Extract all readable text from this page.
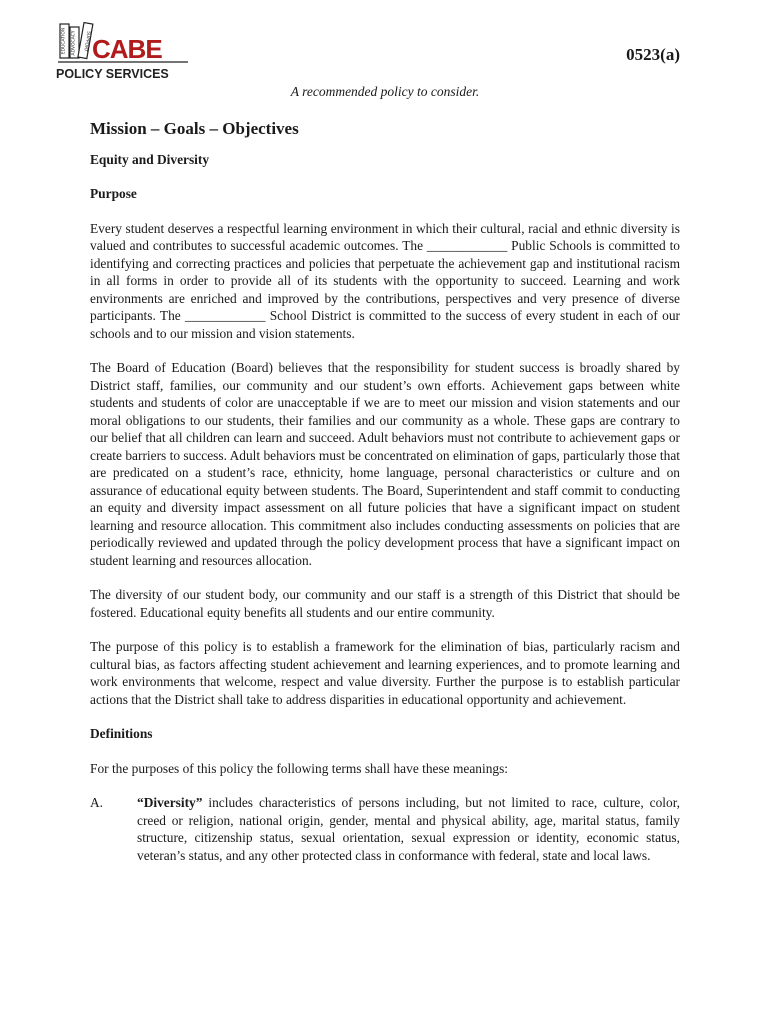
EDUCATION ADVOCACY SUPPORT CABE
POLICY SERVICES
0523(a)
A recommended policy to consider.
Mission – Goals – Objectives
Equity and Diversity
Purpose

Every student deserves a respectful learning environment in which their cultural, racial and ethnic diversity is valued and contributes to successful academic outcomes. The ____________ Public Schools is committed to identifying and correcting practices and policies that perpetuate the achievement gap and institutional racism in all forms in order to provide all of its students with the opportunity to succeed. Learning and work environments are enriched and improved by the contributions, perspectives and very presence of diverse participants. The ____________ School District is committed to the success of every student in each of our schools and to our mission and vision statements.

The Board of Education (Board) believes that the responsibility for student success is broadly shared by District staff, families, our community and our student’s own efforts. Achievement gaps between white students and students of color are unacceptable if we are to meet our mission and vision statements and our moral obligations to our students, their families and our community as a whole. These gaps are contrary to our belief that all children can learn and succeed. Adult behaviors must not contribute to achievement gaps or create barriers to success. Adult behaviors must be concentrated on elimination of gaps, particularly those that are predicated on a student’s race, ethnicity, home language, personal characteristics or culture and on assurance of educational equity between students. The Board, Superintendent and staff commit to conducting an equity and diversity impact assessment on all future policies that have a significant impact on student learning and resource allocation. This commitment also includes conducting assessments on policies that are periodically reviewed and updated through the policy development process that have a significant impact on student learning and resources allocation.

The diversity of our student body, our community and our staff is a strength of this District that should be fostered. Educational equity benefits all students and our entire community.

The purpose of this policy is to establish a framework for the elimination of bias, particularly racism and cultural bias, as factors affecting student achievement and learning experiences, and to promote learning and work environments that welcome, respect and value diversity. Further the purpose is to establish particular actions that the District shall take to address disparities in educational opportunity and achievement.

Definitions

For the purposes of this policy the following terms shall have these meanings:

A.	“Diversity” includes characteristics of persons including, but not limited to race, culture, color, creed or religion, national origin, gender, mental and physical ability, age, marital status, family structure, citizenship status, sexual orientation, sexual expression or identity, economic status, veteran’s status, and any other protected class in conformance with federal, state and local laws.
